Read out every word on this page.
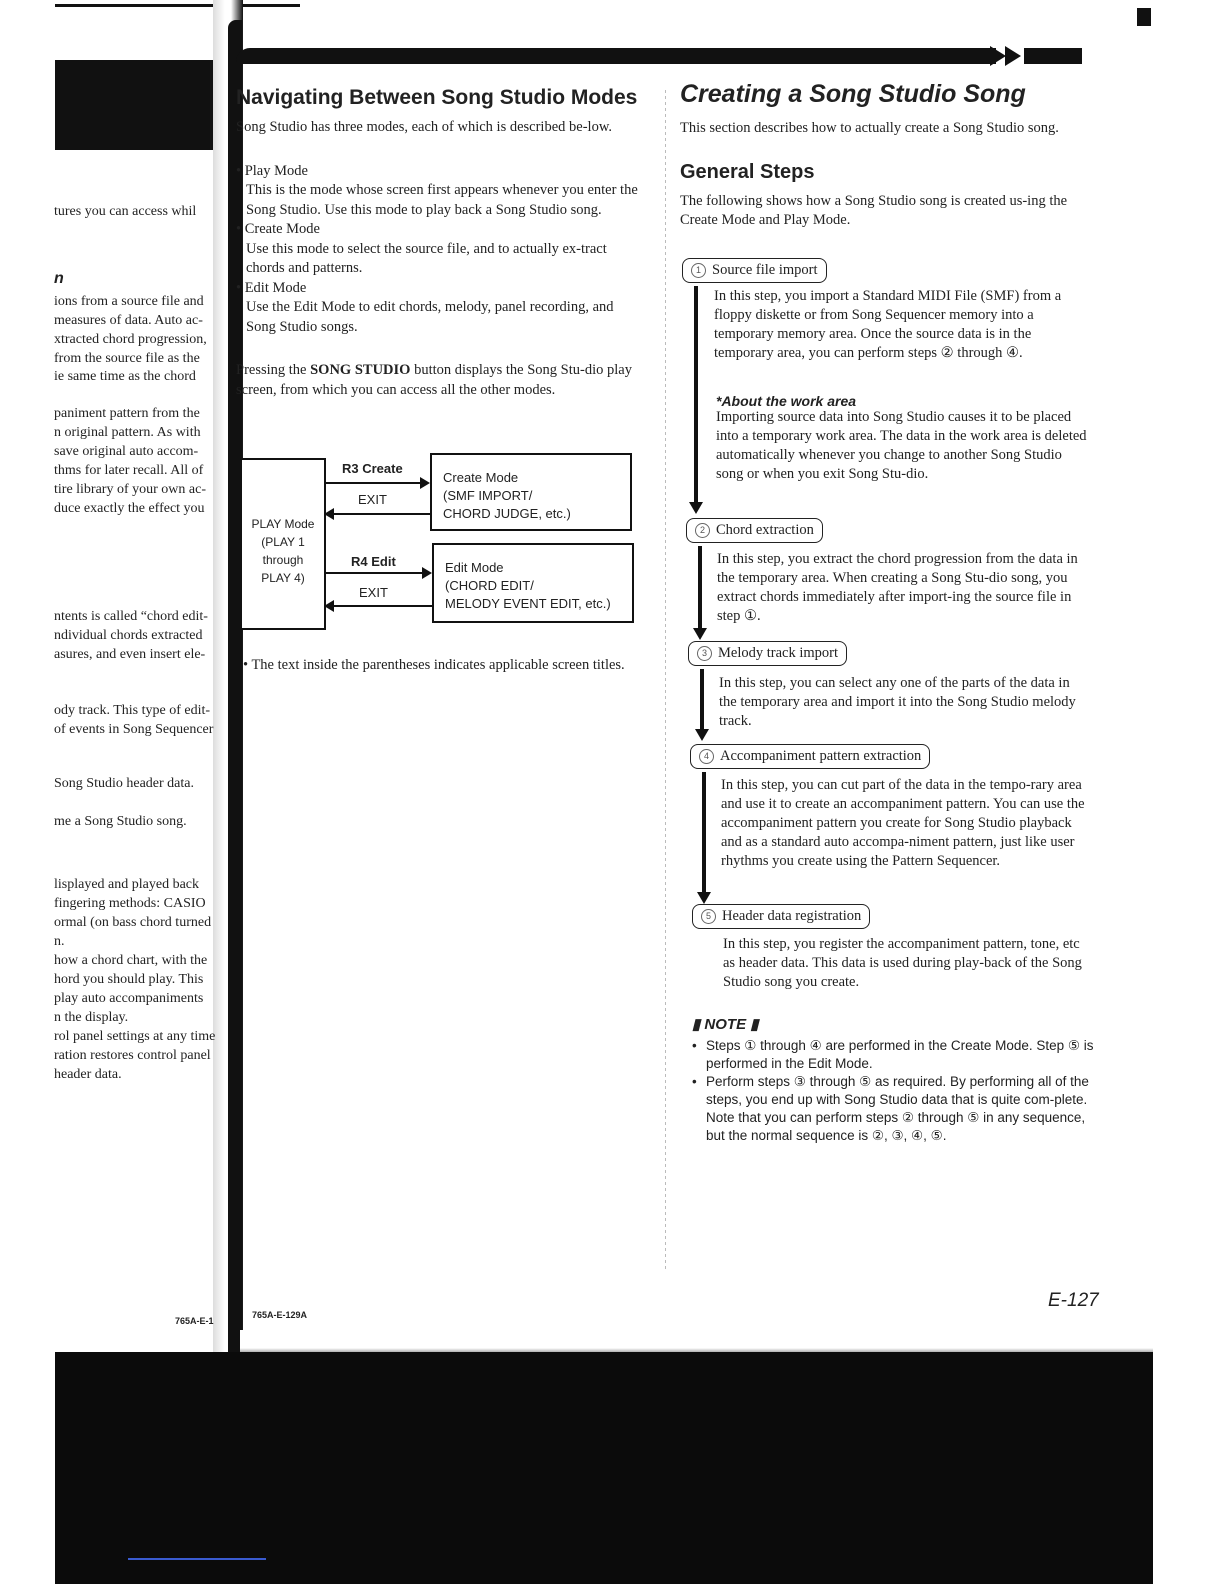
tures you can access whil
n
ions from a source file and
measures of data. Auto ac-
xtracted chord progression,
from the source file as the
ie same time as the chord
paniment pattern from the
n original pattern. As with
save original auto accom-
thms for later recall. All of
tire library of your own ac-
duce exactly the effect you
ntents is called “chord edit-
ndividual chords extracted
asures, and even insert ele-
ody track. This type of edit-
of events in Song Sequencer
Song Studio header data.
me a Song Studio song.
lisplayed and played back
fingering methods: CASIO
ormal (on bass chord turned
n.
how a chord chart, with the
hord you should play. This
play auto accompaniments
n the display.
rol panel settings at any time
ration restores control panel
header data.
765A-E-1
Navigating Between Song Studio Modes
Song Studio has three modes, each of which is described be-low.
• Play Mode
This is the mode whose screen first appears whenever you enter the Song Studio. Use this mode to play back a Song Studio song.
• Create Mode
Use this mode to select the source file, and to actually ex-tract chords and patterns.
• Edit Mode
Use the Edit Mode to edit chords, melody, panel recording, and Song Studio songs.
Pressing the SONG STUDIO button displays the Song Stu-dio play screen, from which you can access all the other modes.
PLAY Mode
(PLAY 1 through
PLAY 4)
R3 Create
EXIT
Create Mode
(SMF IMPORT/
CHORD JUDGE, etc.)
R4 Edit
EXIT
Edit Mode
(CHORD EDIT/
MELODY EVENT EDIT, etc.)
• The text inside the parentheses indicates applicable screen titles.
765A-E-129A
Creating a Song Studio Song
This section describes how to actually create a Song Studio song.
General Steps
The following shows how a Song Studio song is created us-ing the Create Mode and Play Mode.
1 Source file import
In this step, you import a Standard MIDI File (SMF) from a floppy diskette or from Song Sequencer memory into a temporary memory area. Once the source data is in the temporary area, you can perform steps ② through ④.
*About the work area
Importing source data into Song Studio causes it to be placed into a temporary work area. The data in the work area is deleted automatically whenever you change to another Song Studio song or when you exit Song Stu-dio.
2 Chord extraction
In this step, you extract the chord progression from the data in the temporary area. When creating a Song Stu-dio song, you extract chords immediately after import-ing the source file in step ①.
3 Melody track import
In this step, you can select any one of the parts of the data in the temporary area and import it into the Song Studio melody track.
4 Accompaniment pattern extraction
In this step, you can cut part of the data in the tempo-rary area and use it to create an accompaniment pattern. You can use the accompaniment pattern you create for Song Studio playback and as a standard auto accompa-niment pattern, just like user rhythms you create using the Pattern Sequencer.
5 Header data registration
In this step, you register the accompaniment pattern, tone, etc as header data. This data is used during play-back of the Song Studio song you create.
▮ NOTE ▮
• Steps ① through ④ are performed in the Create Mode. Step ⑤ is performed in the Edit Mode.
• Perform steps ③ through ⑤ as required. By performing all of the steps, you end up with Song Studio data that is quite com-plete. Note that you can perform steps ② through ⑤ in any sequence, but the normal sequence is ②, ③, ④, ⑤.
E-127
